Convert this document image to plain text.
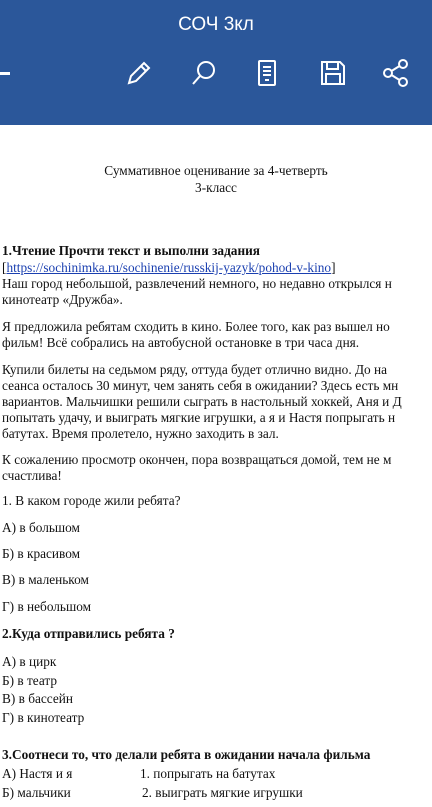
СОЧ 3кл
Суммативное оценивание за 4-четверть
3-класс
1.Чтение Прочти текст и выполни задания
[https://sochinimka.ru/sochinenie/russkij-yazyk/pohod-v-kino]
Наш город небольшой, развлечений немного, но недавно открылся н
кинотеатр «Дружба».
Я предложила ребятам сходить в кино. Более того, как раз вышел но
фильм! Всё собрались на автобусной остановке в три часа дня.
Купили билеты на седьмом ряду, оттуда будет отлично видно. До на
сеанса осталось 30 минут, чем занять себя в ожидании? Здесь есть мн
вариантов. Мальчишки решили сыграть в настольный хоккей, Аня и Д
попытать удачу, и выиграть мягкие игрушки, а я и Настя попрыгать н
батутах. Время пролетело, нужно заходить в зал.
К сожалению просмотр окончен, пора возвращаться домой, тем не м
счастлива!
1. В каком городе жили ребята?
А) в большом
Б) в красивом
В) в маленьком
Г) в небольшом
2.Куда отправились ребята ?
А) в цирк
Б) в театр
В) в бассейн
Г) в кинотеатр
3.Соотнеси то, что делали ребята в ожидании начала фильма
А) Настя и я	1. попрыгать на батутах
Б) мальчики	2. выиграть мягкие игрушки
